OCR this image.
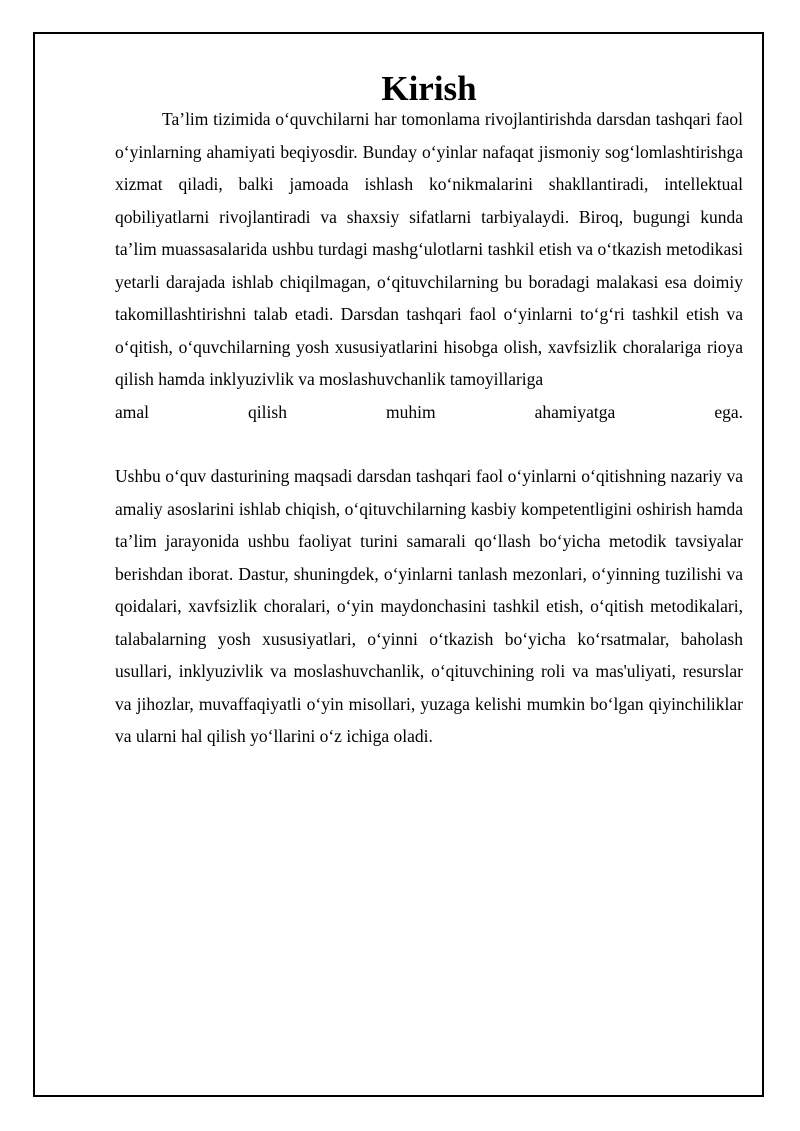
Kirish

Ta’lim tizimida o‘quvchilarni har tomonlama rivojlantirishda darsdan tashqari faol o‘yinlarning ahamiyati beqiyosdir. Bunday o‘yinlar nafaqat jismoniy sog‘lomlashtirishga xizmat qiladi, balki jamoada ishlash ko‘nikmalarini shakllantiradi, intellektual qobiliyatlarni rivojlantiradi va shaxsiy sifatlarni tarbiyalaydi. Biroq, bugungi kunda ta’lim muassasalarida ushbu turdagi mashg‘ulotlarni tashkil etish va o‘tkazish metodikasi yetarli darajada ishlab chiqilmagan, o‘qituvchilarning bu boradagi malakasi esa doimiy takomillashtirishni talab etadi. Darsdan tashqari faol o‘yinlarni to‘g‘ri tashkil etish va o‘qitish, o‘quvchilarning yosh xususiyatlarini hisobga olish, xavfsizlik choralariga rioya qilish hamda inklyuzivlik va moslashuvchanlik tamoyillariga
amal qilish muhim ahamiyatga ega.

Ushbu o‘quv dasturining maqsadi darsdan tashqari faol o‘yinlarni o‘qitishning nazariy va amaliy asoslarini ishlab chiqish, o‘qituvchilarning kasbiy kompetentligini oshirish hamda ta’lim jarayonida ushbu faoliyat turini samarali qo‘llash bo‘yicha metodik tavsiyalar berishdan iborat. Dastur, shuningdek, o‘yinlarni tanlash mezonlari, o‘yinning tuzilishi va qoidalari, xavfsizlik choralari, o‘yin maydonchasini tashkil etish, o‘qitish metodikalari, talabalarning yosh xususiyatlari, o‘yinni o‘tkazish bo‘yicha ko‘rsatmalar, baholash usullari, inklyuzivlik va moslashuvchanlik, o‘qituvchining roli va mas'uliyati, resurslar va jihozlar, muvaffaqiyatli o‘yin misollari, yuzaga kelishi mumkin bo‘lgan qiyinchiliklar va ularni hal qilish yo‘llarini o‘z ichiga oladi.
